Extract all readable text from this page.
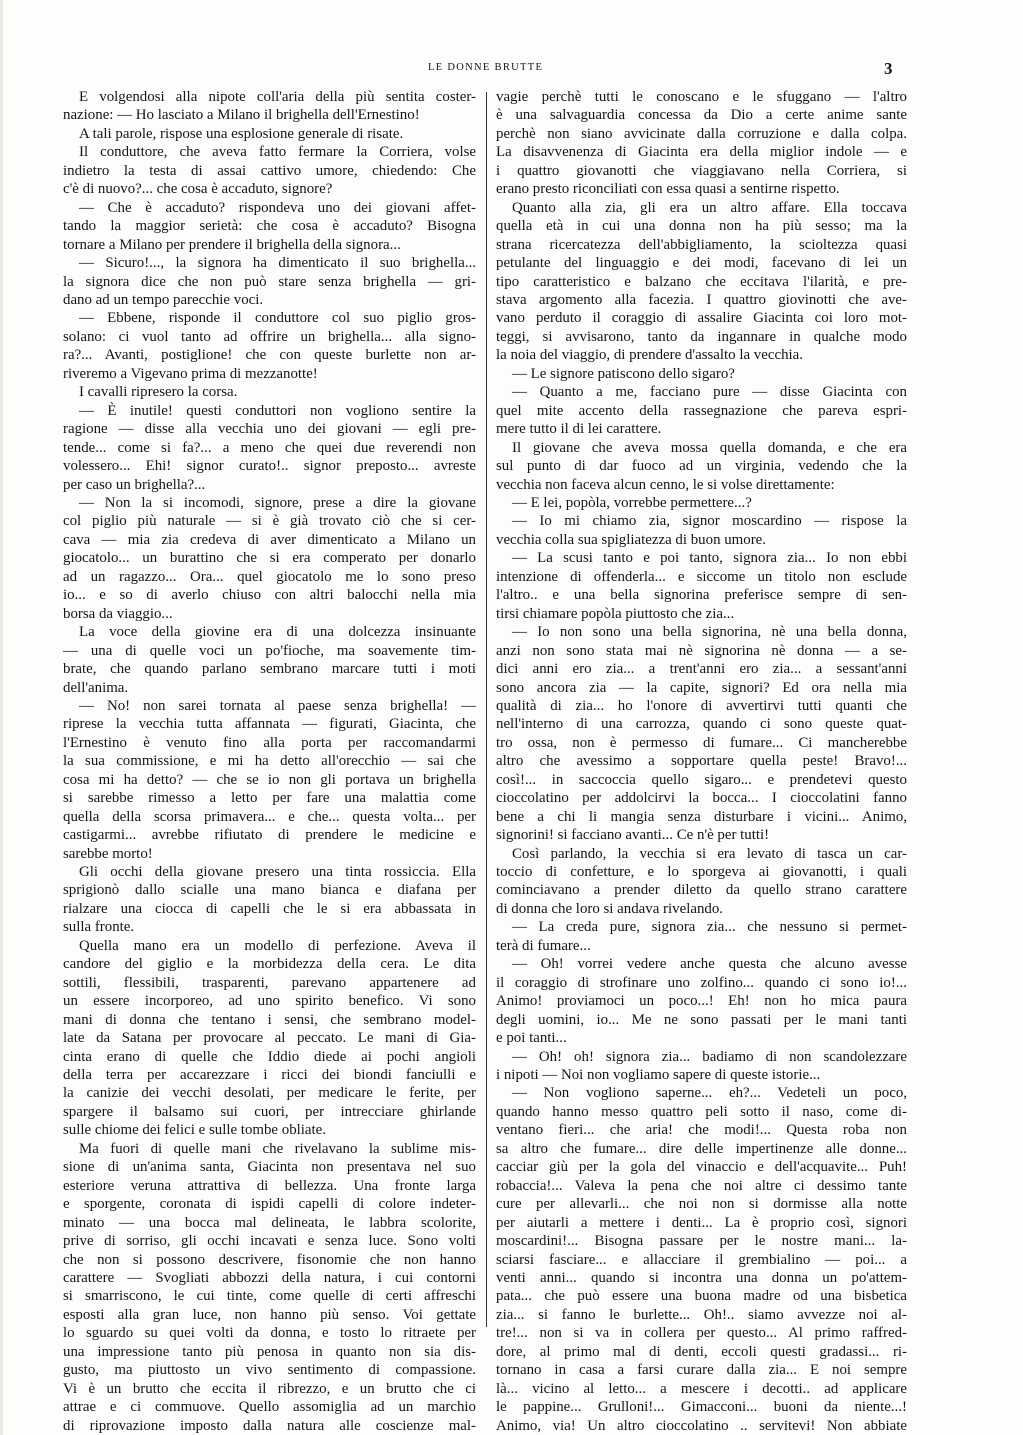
LE DONNE BRUTTE	3
E volgendosi alla nipote coll'aria della più sentita coster-
nazione: — Ho lasciato a Milano il brighella dell'Ernestino!
A tali parole, rispose una esplosione generale di risate.
Il conduttore, che aveva fatto fermare la Corriera, volse
indietro la testa di assai cattivo umore, chiedendo: Che
c'è di nuovo?... che cosa è accaduto, signore?
— Che è accaduto? rispondeva uno dei giovani affet-
tando la maggior serietà: che cosa è accaduto? Bisogna
tornare a Milano per prendere il brighella della signora...
— Sicuro!..., la signora ha dimenticato il suo brighella...
la signora dice che non può stare senza brighella — gri-
dano ad un tempo parecchie voci.
— Ebbene, risponde il conduttore col suo piglio gros-
solano: ci vuol tanto ad offrire un brighella... alla signo-
ra?... Avanti, postiglione! che con queste burlette non ar-
riveremo a Vigevano prima di mezzanotte!
I cavalli ripresero la corsa.
— È inutile! questi conduttori non vogliono sentire la
ragione — disse alla vecchia uno dei giovani — egli pre-
tende... come si fa?... a meno che quei due reverendi non
volessero... Ehi! signor curato!.. signor preposto... avreste
per caso un brighella?...
— Non la si incomodi, signore, prese a dire la giovane
col piglio più naturale — si è già trovato ciò che si cer-
cava — mia zia credeva di aver dimenticato a Milano un
giocatolo... un burattino che si era comperato per donarlo
ad un ragazzo... Ora... quel giocatolo me lo sono preso
io... e so di averlo chiuso con altri balocchi nella mia
borsa da viaggio...
La voce della giovine era di una dolcezza insinuante
— una di quelle voci un po'fioche, ma soavemente tim-
brate, che quando parlano sembrano marcare tutti i moti
dell'anima.
— No! non sarei tornata al paese senza brighella! —
riprese la vecchia tutta affannata — figurati, Giacinta, che
l'Ernestino è venuto fino alla porta per raccomandarmi
la sua commissione, e mi ha detto all'orecchio — sai che
cosa mi ha detto? — che se io non gli portava un brighella
si sarebbe rimesso a letto per fare una malattia come
quella della scorsa primavera... e che... questa volta... per
castigarmi... avrebbe rifiutato di prendere le medicine e
sarebbe morto!
Gli occhi della giovane presero una tinta rossiccia. Ella
sprigionò dallo scialle una mano bianca e diafana per
rialzare una ciocca di capelli che le si era abbassata in
sulla fronte.
Quella mano era un modello di perfezione. Aveva il
candore del giglio e la morbidezza della cera. Le dita
sottili, flessibili, trasparenti, parevano appartenere ad
un essere incorporeo, ad uno spirito benefico. Vi sono
mani di donna che tentano i sensi, che sembrano model-
late da Satana per provocare al peccato. Le mani di Gia-
cinta erano di quelle che Iddio diede ai pochi angioli
della terra per accarezzare i ricci dei biondi fanciulli e
la canizie dei vecchi desolati, per medicare le ferite, per
spargere il balsamo sui cuori, per intrecciare ghirlande
sulle chiome dei felici e sulle tombe obliate.
Ma fuori di quelle mani che rivelavano la sublime mis-
sione di un'anima santa, Giacinta non presentava nel suo
esteriore veruna attrattiva di bellezza. Una fronte larga
e sporgente, coronata di ispidi capelli di colore indeter-
minato — una bocca mal delineata, le labbra scolorite,
prive di sorriso, gli occhi incavati e senza luce. Sono volti
che non si possono descrivere, fisonomie che non hanno
carattere — Svogliati abbozzi della natura, i cui contorni
si smarriscono, le cui tinte, come quelle di certi affreschi
esposti alla gran luce, non hanno più senso. Voi gettate
lo sguardo su quei volti da donna, e tosto lo ritraete per
una impressione tanto più penosa in quanto non sia dis-
gusto, ma piuttosto un vivo sentimento di compassione.
Vi è un brutto che eccita il ribrezzo, e un brutto che ci
attrae e ci commuove. Quello assomiglia ad un marchio
di riprovazione imposto dalla natura alle coscienze mal-
vagie perchè tutti le conoscano e le sfuggano — l'altro
è una salvaguardia concessa da Dio a certe anime sante
perchè non siano avvicinate dalla corruzione e dalla colpa.
La disavvenenza di Giacinta era della miglior indole — e
i quattro giovanotti che viaggiavano nella Corriera, si
erano presto riconciliati con essa quasi a sentirne rispetto.
Quanto alla zia, gli era un altro affare. Ella toccava
quella età in cui una donna non ha più sesso; ma la
strana ricercatezza dell'abbigliamento, la scioltezza quasi
petulante del linguaggio e dei modi, facevano di lei un
tipo caratteristico e balzano che eccitava l'ilarità, e pre-
stava argomento alla facezia. I quattro giovinotti che ave-
vano perduto il coraggio di assalire Giacinta coi loro mot-
teggi, si avvisarono, tanto da ingannare in qualche modo
la noia del viaggio, di prendere d'assalto la vecchia.
— Le signore patiscono dello sigaro?
— Quanto a me, facciano pure — disse Giacinta con
quel mite accento della rassegnazione che pareva espri-
mere tutto il di lei carattere.
Il giovane che aveva mossa quella domanda, e che era
sul punto di dar fuoco ad un virginia, vedendo che la
vecchia non faceva alcun cenno, le si volse direttamente:
— E lei, popòla, vorrebbe permettere...?
— Io mi chiamo zia, signor moscardino — rispose la
vecchia colla sua spigliatezza di buon umore.
— La scusi tanto e poi tanto, signora zia... Io non ebbi
intenzione di offenderla... e siccome un titolo non esclude
l'altro.. e una bella signorina preferisce sempre di sen-
tirsi chiamare popòla piuttosto che zia...
— Io non sono una bella signorina, nè una bella donna,
anzi non sono stata mai nè signorina nè donna — a se-
dici anni ero zia... a trent'anni ero zia... a sessant'anni
sono ancora zia — la capite, signori? Ed ora nella mia
qualità di zia... ho l'onore di avvertirvi tutti quanti che
nell'interno di una carrozza, quando ci sono queste quat-
tro ossa, non è permesso di fumare... Ci mancherebbe
altro che avessimo a sopportare quella peste! Bravo!...
così!... in saccoccia quello sigaro... e prendetevi questo
cioccolatino per addolcirvi la bocca... I cioccolatini fanno
bene a chi li mangia senza disturbare i vicini... Animo,
signorini! si facciano avanti... Ce n'è per tutti!
Così parlando, la vecchia si era levato di tasca un car-
toccio di confetture, e lo sporgeva ai giovanotti, i quali
cominciavano a prender diletto da quello strano carattere
di donna che loro si andava rivelando.
— La creda pure, signora zia... che nessuno si permet-
terà di fumare...
— Oh! vorrei vedere anche questa che alcuno avesse
il coraggio di strofinare uno zolfino... quando ci sono io!...
Animo! proviamoci un poco...! Eh! non ho mica paura
degli uomini, io... Me ne sono passati per le mani tanti
e poi tanti...
— Oh! oh! signora zia... badiamo di non scandolezzare
i nipoti — Noi non vogliamo sapere di queste istorie...
— Non vogliono saperne... eh?... Vedeteli un poco,
quando hanno messo quattro peli sotto il naso, come di-
ventano fieri... che aria! che modi!... Questa roba non
sa altro che fumare... dire delle impertinenze alle donne...
cacciar giù per la gola del vinaccio e dell'acquavite... Puh!
robaccia!... Valeva la pena che noi altre ci dessimo tante
cure per allevarli... che noi non si dormisse alla notte
per aiutarli a mettere i denti... La è proprio così, signori
moscardini!... Bisogna passare per le nostre mani... la-
sciarsi fasciare... e allacciare il grembialino — poi... a
venti anni... quando si incontra una donna un po'attem-
pata... che può essere una buona madre od una bisbetica
zia... si fanno le burlette... Oh!.. siamo avvezze noi al-
tre!... non si va in collera per questo... Al primo raffred-
dore, al primo mal di denti, eccoli questi gradassi... ri-
tornano in casa a farsi curare dalla zia... E noi sempre
là... vicino al letto... a mescere i decotti.. ad applicare
le pappine... Grulloni!... Gimacconi... buoni da niente...!
Animo, via! Un altro cioccolatino .. servitevi! Non abbiate
